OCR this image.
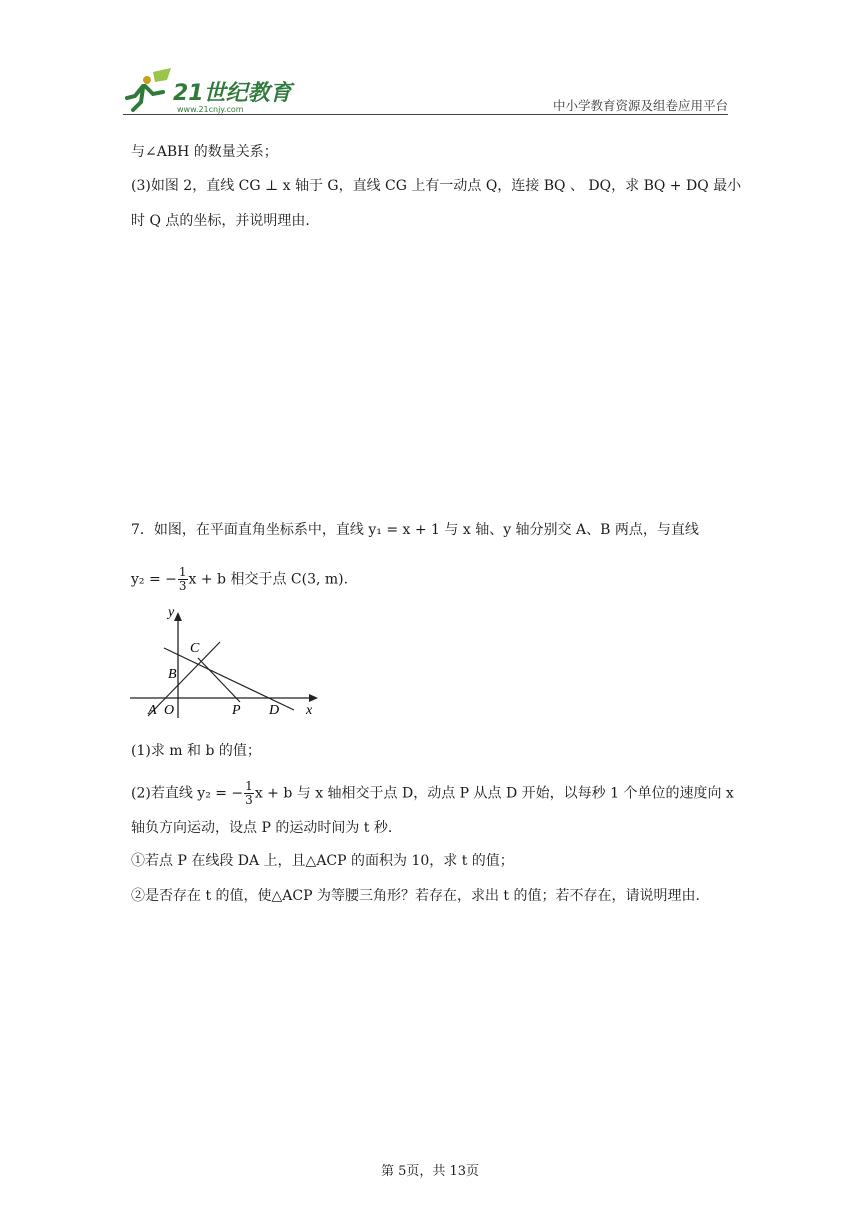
21世纪教育
www.21cnjy.com	中小学教育资源及组卷应用平台
与∠ABH 的数量关系；
(3)如图 2，直线 CG ⊥ x 轴于 G，直线 CG 上有一动点 Q，连接 BQ 、 DQ，求 BQ + DQ 最小
时 Q 点的坐标，并说明理由.
7．如图，在平面直角坐标系中，直线 y₁ = x + 1 与 x 轴、y 轴分别交 A、B 两点，与直线
y₂ = − $\frac{1}{3}$ x + b 相交于点 C(3, m).
y
x
C
B
A O	P D
(1)求 m 和 b 的值；
(2)若直线 y₂ = − $\frac{1}{3}$ x + b 与 x 轴相交于点 D，动点 P 从点 D 开始，以每秒 1 个单位的速度向 x
轴负方向运动，设点 P 的运动时间为 t 秒.
①若点 P 在线段 DA 上，且△ACP 的面积为 10，求 t 的值；
②是否存在 t 的值，使△ACP 为等腰三角形？若存在，求出 t 的值；若不存在，请说明理由.
第 5页，共 13页
